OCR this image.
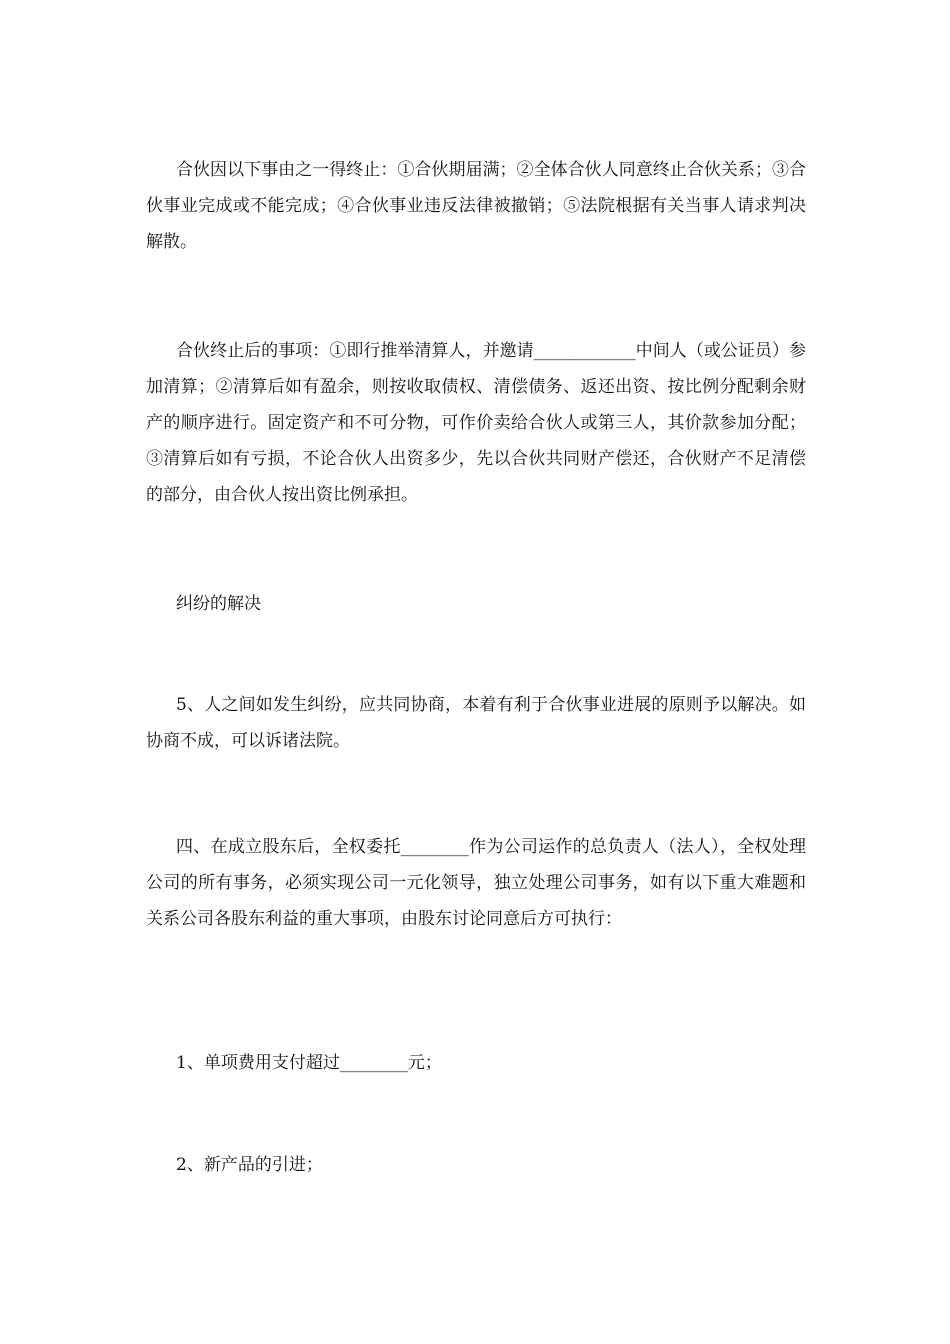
合伙因以下事由之一得终止：①合伙期届满；②全体合伙人同意终止合伙关系；③合伙事业完成或不能完成；④合伙事业违反法律被撤销；⑤法院根据有关当事人请求判决解散。

合伙终止后的事项：①即行推举清算人，并邀请____________中间人（或公证员）参加清算；②清算后如有盈余，则按收取债权、清偿债务、返还出资、按比例分配剩余财产的顺序进行。固定资产和不可分物，可作价卖给合伙人或第三人，其价款参加分配；③清算后如有亏损，不论合伙人出资多少，先以合伙共同财产偿还，合伙财产不足清偿的部分，由合伙人按出资比例承担。

纠纷的解决

5、人之间如发生纠纷，应共同协商，本着有利于合伙事业进展的原则予以解决。如协商不成，可以诉诸法院。

四、在成立股东后，全权委托________作为公司运作的总负责人（法人），全权处理公司的所有事务，必须实现公司一元化领导，独立处理公司事务，如有以下重大难题和关系公司各股东利益的重大事项，由股东讨论同意后方可执行：

1、单项费用支付超过________元；

2、新产品的引进；
